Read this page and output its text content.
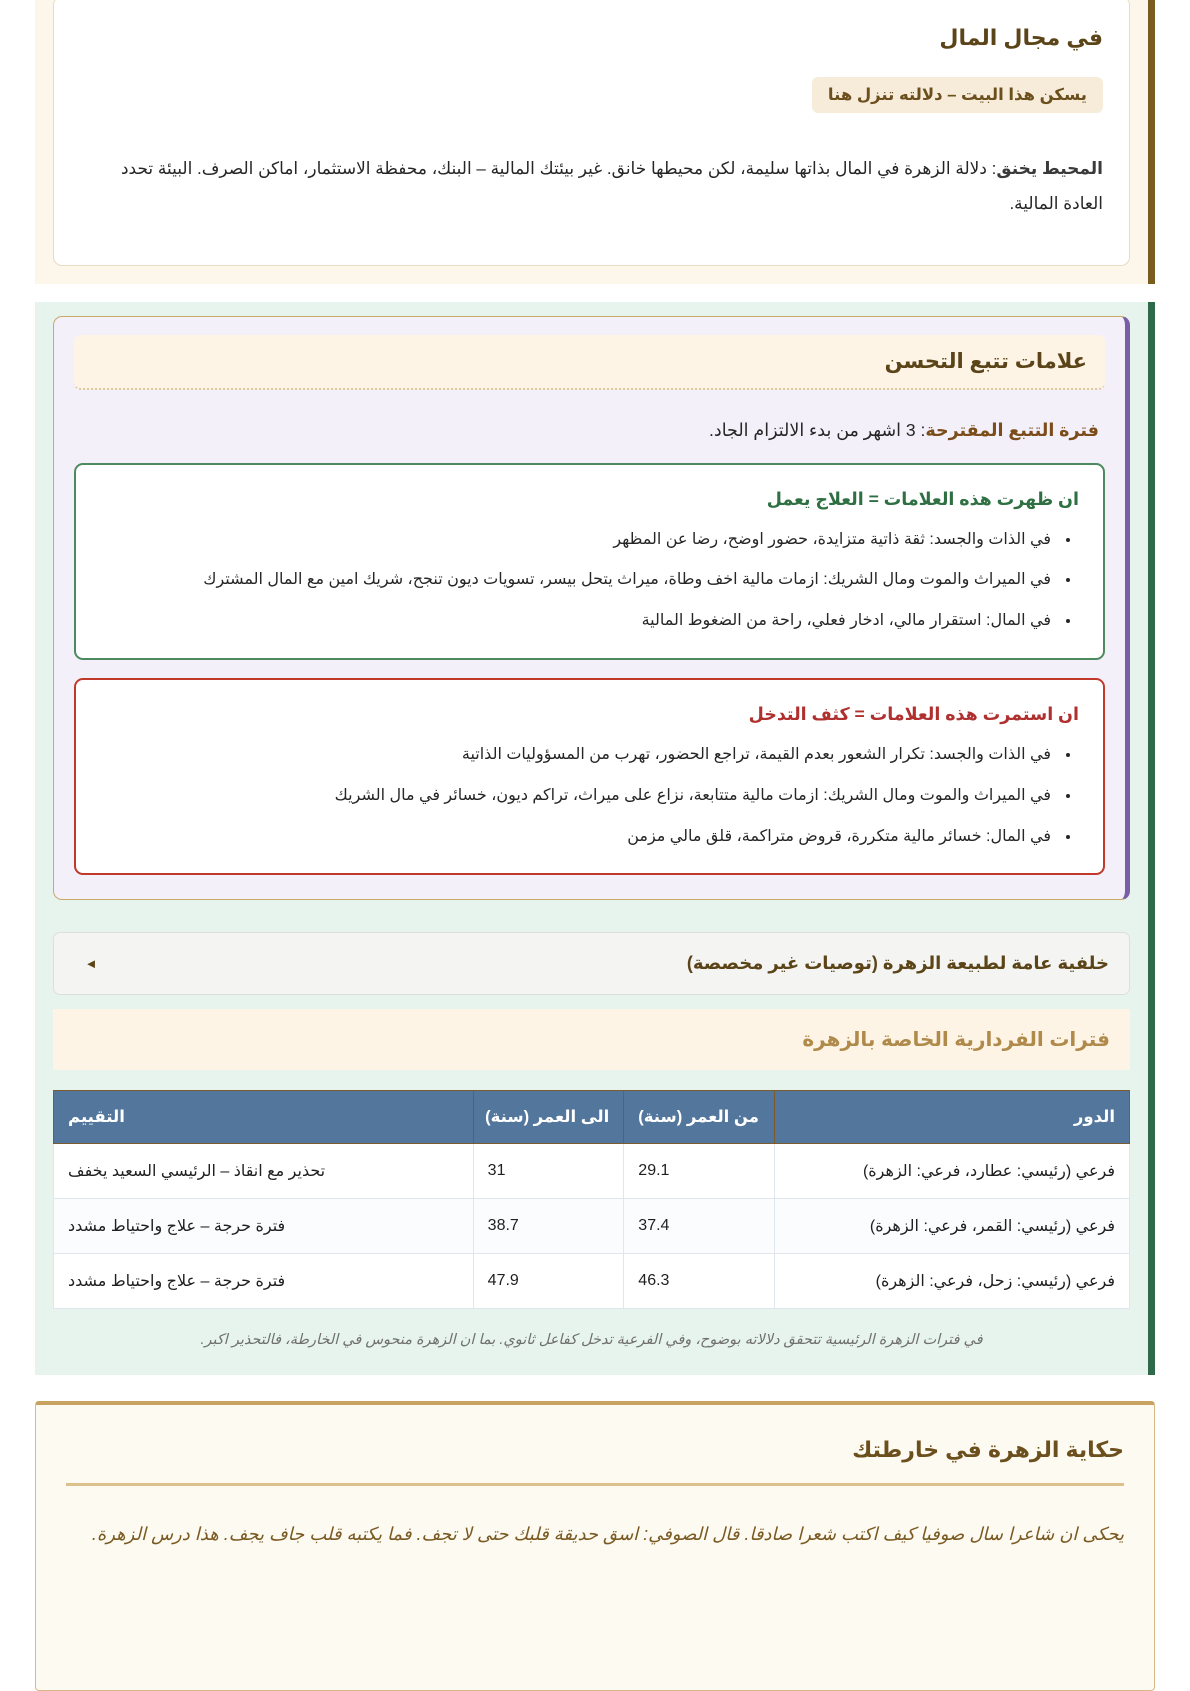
في مجال المال
يسكن هذا البيت – دلالته تنزل هنا

المحيط يخنق: دلالة الزهرة في المال بذاتها سليمة، لكن محيطها خانق. غير بيئتك المالية – البنك، محفظة الاستثمار، اماكن الصرف. البيئة تحدد العادة المالية.

علامات تتبع التحسن

فترة التتبع المقترحة: 3 اشهر من بدء الالتزام الجاد.

ان ظهرت هذه العلامات = العلاج يعمل
• في الذات والجسد: ثقة ذاتية متزايدة، حضور اوضح، رضا عن المظهر
• في الميراث والموت ومال الشريك: ازمات مالية اخف وطاة، ميراث يتحل بيسر، تسويات ديون تنجح، شريك امين مع المال المشترك
• في المال: استقرار مالي، ادخار فعلي، راحة من الضغوط المالية
ان استمرت هذه العلامات = كثف التدخل
• في الذات والجسد: تكرار الشعور بعدم القيمة، تراجع الحضور، تهرب من المسؤوليات الذاتية
• في الميراث والموت ومال الشريك: ازمات مالية متتابعة، نزاع على ميراث، تراكم ديون، خسائر في مال الشريك
• في المال: خسائر مالية متكررة، قروض متراكمة، قلق مالي مزمن
خلفية عامة لطبيعة الزهرة (توصيات غير مخصصة)
◄
فترات الفردارية الخاصة بالزهرة
الدور	من العمر (سنة)	الى العمر (سنة)	التقييم
فرعي (رئيسي: عطارد، فرعي: الزهرة)	29.1	31	تحذير مع انقاذ – الرئيسي السعيد يخفف
فرعي (رئيسي: القمر، فرعي: الزهرة)	37.4	38.7	فترة حرجة – علاج واحتياط مشدد
فرعي (رئيسي: زحل، فرعي: الزهرة)	46.3	47.9	فترة حرجة – علاج واحتياط مشدد

في فترات الزهرة الرئيسية تتحقق دلالاته بوضوح، وفي الفرعية تدخل كفاعل ثانوي. بما ان الزهرة منحوس في الخارطة، فالتحذير اكبر.

حكاية الزهرة في خارطتك

يحكى ان شاعرا سال صوفيا كيف اكتب شعرا صادقا. قال الصوفي: اسق حديقة قلبك حتى لا تجف. فما يكتبه قلب جاف يجف. هذا درس الزهرة.
